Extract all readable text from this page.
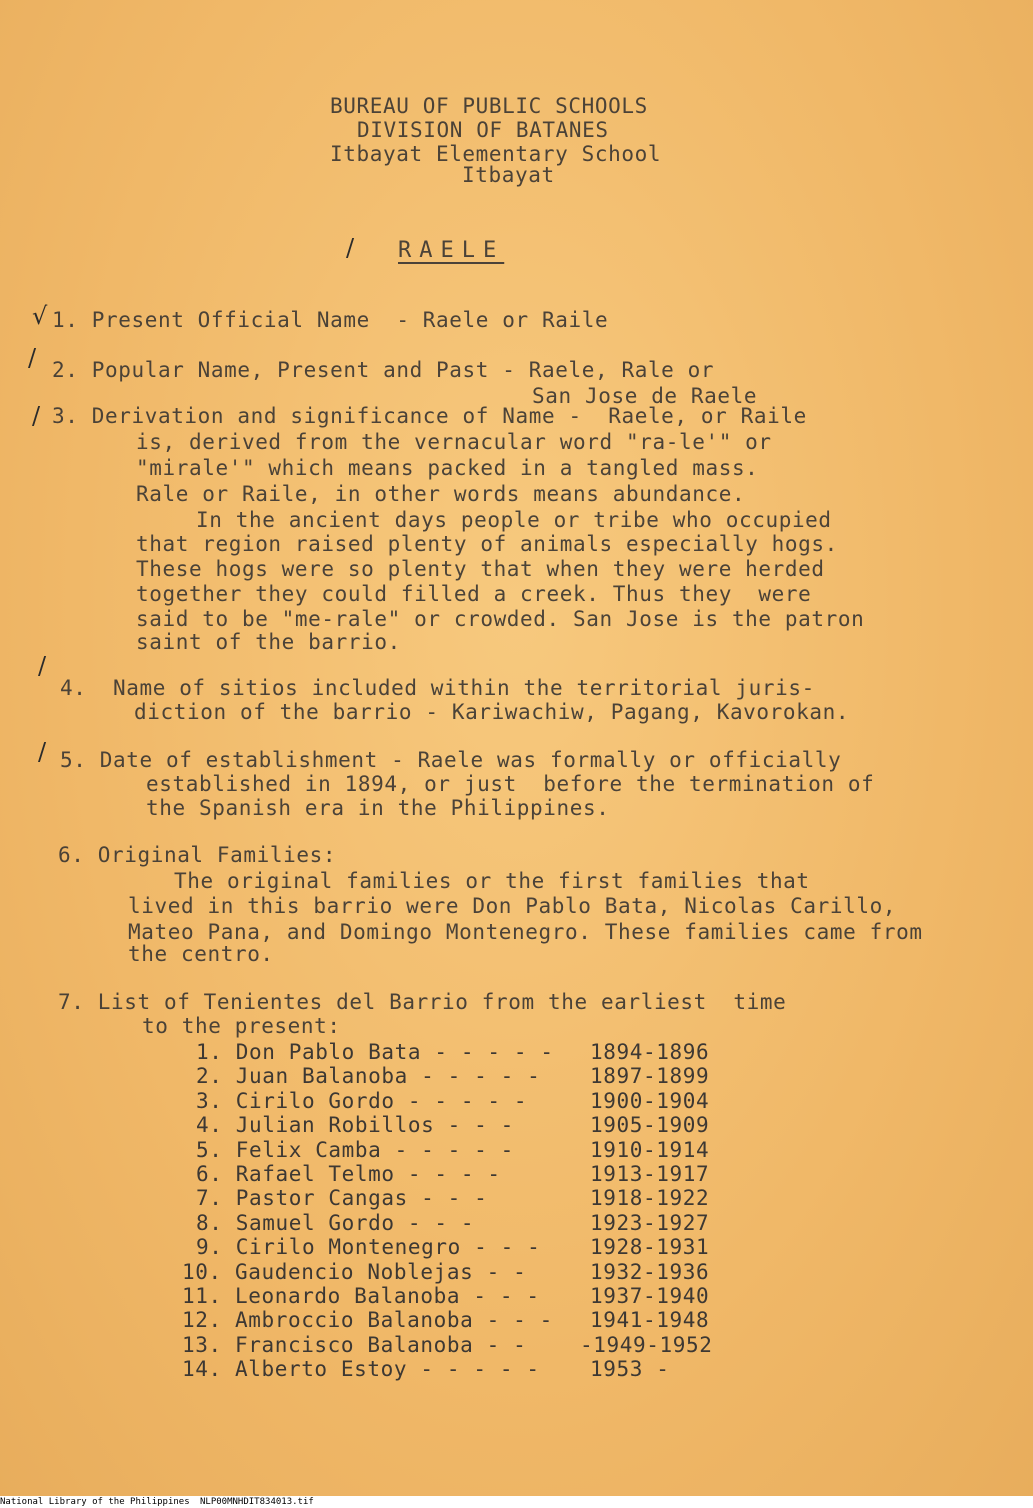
BUREAU OF PUBLIC SCHOOLS
DIVISION OF BATANES
Itbayat Elementary School
Itbayat
/ RAELE
√ 1. Present Official Name  - Raele or Raile
/ 2. Popular Name, Present and Past - Raele, Rale or
San Jose de Raele
/ 3. Derivation and significance of Name -  Raele, or Raile
is, derived from the vernacular word "ra-le'" or
"mirale'" which means packed in a tangled mass.
Rale or Raile, in other words means abundance.
In the ancient days people or tribe who occupied
that region raised plenty of animals especially hogs.
These hogs were so plenty that when they were herded
together they could filled a creek. Thus they  were
said to be "me-rale" or crowded. San Jose is the patron
saint of the barrio.
/
4.  Name of sitios included within the territorial juris-
diction of the barrio - Kariwachiw, Pagang, Kavorokan.
/ 5. Date of establishment - Raele was formally or officially
established in 1894, or just  before the termination of
the Spanish era in the Philippines.
6. Original Families:
The original families or the first families that
lived in this barrio were Don Pablo Bata, Nicolas Carillo,
Mateo Pana, and Domingo Montenegro. These families came from
the centro.
7. List of Tenientes del Barrio from the earliest  time
to the present:
1. Don Pablo Bata - - - - - 1894-1896
2. Juan Balanoba - - - - - 1897-1899
3. Cirilo Gordo - - - - -	1900-1904
4. Julian Robillos - - -	1905-1909
5. Felix Camba - - - - -	1910-1914
6. Rafael Telmo - - - -	1913-1917
7. Pastor Cangas - - -	1918-1922
8. Samuel Gordo - - -	1923-1927
9. Cirilo Montenegro - - - 1928-1931
10. Gaudencio Noblejas - -	1932-1936
11. Leonardo Balanoba - - - 1937-1940
12. Ambroccio Balanoba - - - 1941-1948
13. Francisco Balanoba - -	-1949-1952
14. Alberto Estoy - - - - - 1953 -
National Library of the Philippines NLP00MNHDIT834013.tif
